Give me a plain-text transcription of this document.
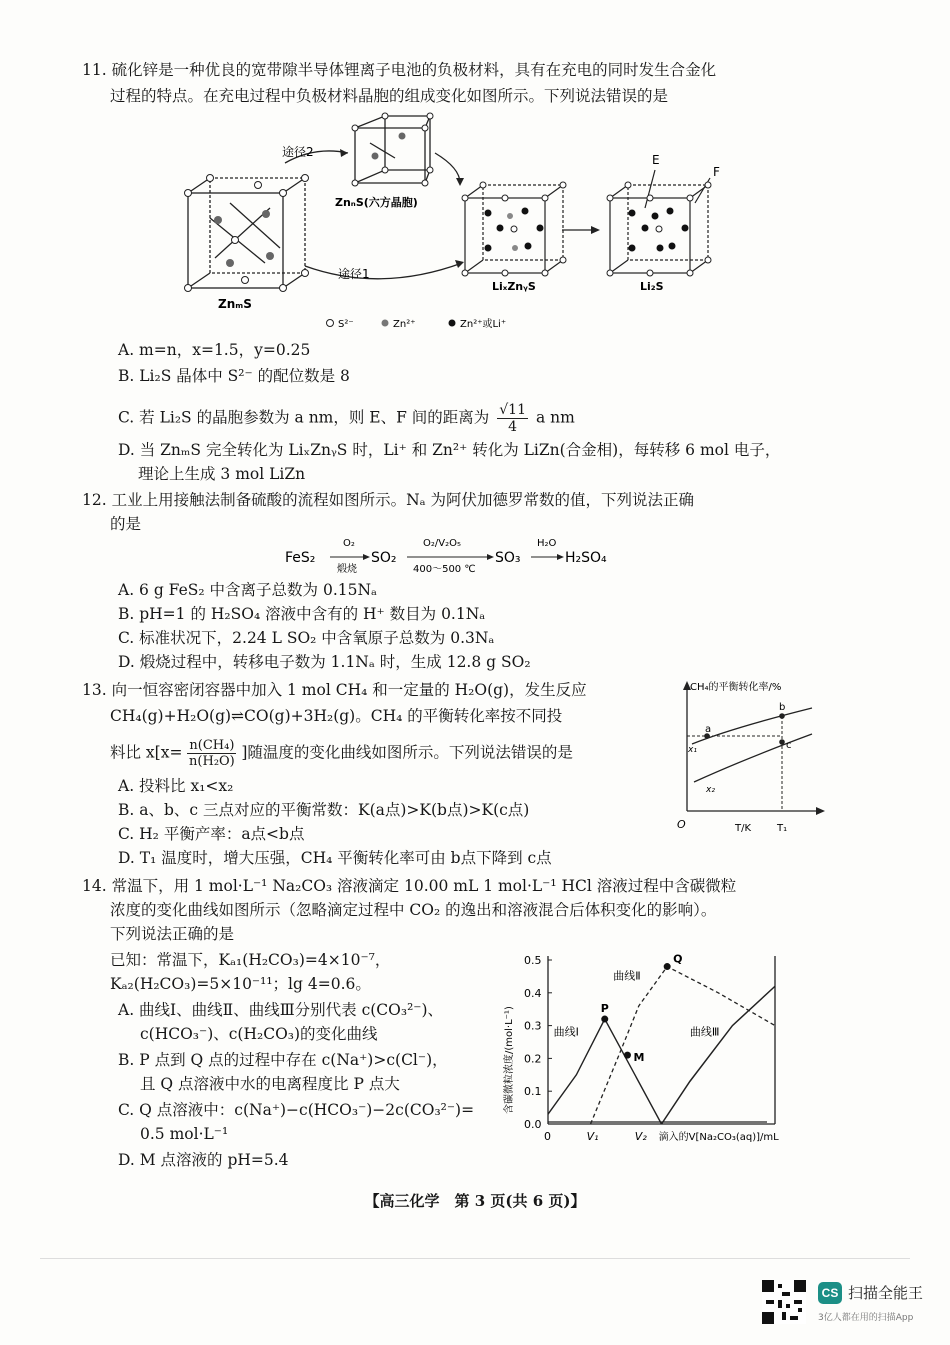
11. 硫化锌是一种优良的宽带隙半导体锂离子电池的负极材料，具有在充电的同时发生合金化
过程的特点。在充电过程中负极材料晶胞的组成变化如图所示。下列说法错误的是
ZnₘS
ZnₙS(六方晶胞)
途径2
途径1
LiₓZnᵧS
E
F
Li₂S
S²⁻	Zn²⁺	Zn²⁺或Li⁺
A. m=n，x=1.5，y=0.25
B. Li₂S 晶体中 S²⁻ 的配位数是 8
C. 若 Li₂S 的晶胞参数为 a nm，则 E、F 间的距离为 $\frac{√11}{4}$ a nm
D. 当 ZnₘS 完全转化为 LiₓZnᵧS 时，Li⁺ 和 Zn²⁺ 转化为 LiZn(合金相)，每转移 6 mol 电子，
理论上生成 3 mol LiZn
12. 工业上用接触法制备硫酸的流程如图所示。Nₐ 为阿伏加德罗常数的值，下列说法正确
的是
FeS₂
O₂
煅烧
SO₂
O₂/V₂O₅
400～500 ℃
SO₃
H₂O
H₂SO₄
A. 6 g FeS₂ 中含离子总数为 0.15Nₐ
B. pH=1 的 H₂SO₄ 溶液中含有的 H⁺ 数目为 0.1Nₐ
C. 标准状况下，2.24 L SO₂ 中含氧原子总数为 0.3Nₐ
D. 煅烧过程中，转移电子数为 1.1Nₐ 时，生成 12.8 g SO₂
13. 向一恒容密闭容器中加入 1 mol CH₄ 和一定量的 H₂O(g)，发生反应
CH₄(g)+H₂O(g)⇌CO(g)+3H₂(g)。CH₄ 的平衡转化率按不同投
料比 $x[x= \frac{\text{n(CH₄)}}{\text{n(H₂O)}}$ ]随温度的变化曲线如图所示。下列说法错误的是
A. 投料比 x₁<x₂
B. a、b、c 三点对应的平衡常数：K(a点)>K(b点)>K(c点)
C. H₂ 平衡产率：a点<b点
D. T₁ 温度时，增大压强，CH₄ 平衡转化率可由 b点下降到 c点
CH₄的平衡转化率/%
O	T/K	T₁
a
b
c
x₁
x₂
14. 常温下，用 1 mol·L⁻¹ Na₂CO₃ 溶液滴定 10.00 mL 1 mol·L⁻¹ HCl 溶液过程中含碳微粒
浓度的变化曲线如图所示（忽略滴定过程中 CO₂ 的逸出和溶液混合后体积变化的影响）。
下列说法正确的是
已知：常温下，Kₐ₁(H₂CO₃)=4×10⁻⁷，
Kₐ₂(H₂CO₃)=5×10⁻¹¹；lg 4=0.6。
A. 曲线Ⅰ、曲线Ⅱ、曲线Ⅲ分别代表 c(CO₃²⁻)、
c(HCO₃⁻)、c(H₂CO₃)的变化曲线
B. P 点到 Q 点的过程中存在 c(Na⁺)>c(Cl⁻)，
且 Q 点溶液中水的电离程度比 P 点大
C. Q 点溶液中：c(Na⁺)−c(HCO₃⁻)−2c(CO₃²⁻)=
0.5 mol·L⁻¹
D. M 点溶液的 pH=5.4
0.0
0.1
0.2
0.3
0.4
0.5
0	V₁	V₂ 滴入的V[Na₂CO₃(aq)]/mL
含碳微粒浓度/(mol·L⁻¹)	P
M
Q
曲线Ⅰ
曲线Ⅱ
曲线Ⅲ
【高三化学　第 3 页(共 6 页)】
CS 扫描全能王
3亿人都在用的扫描App
